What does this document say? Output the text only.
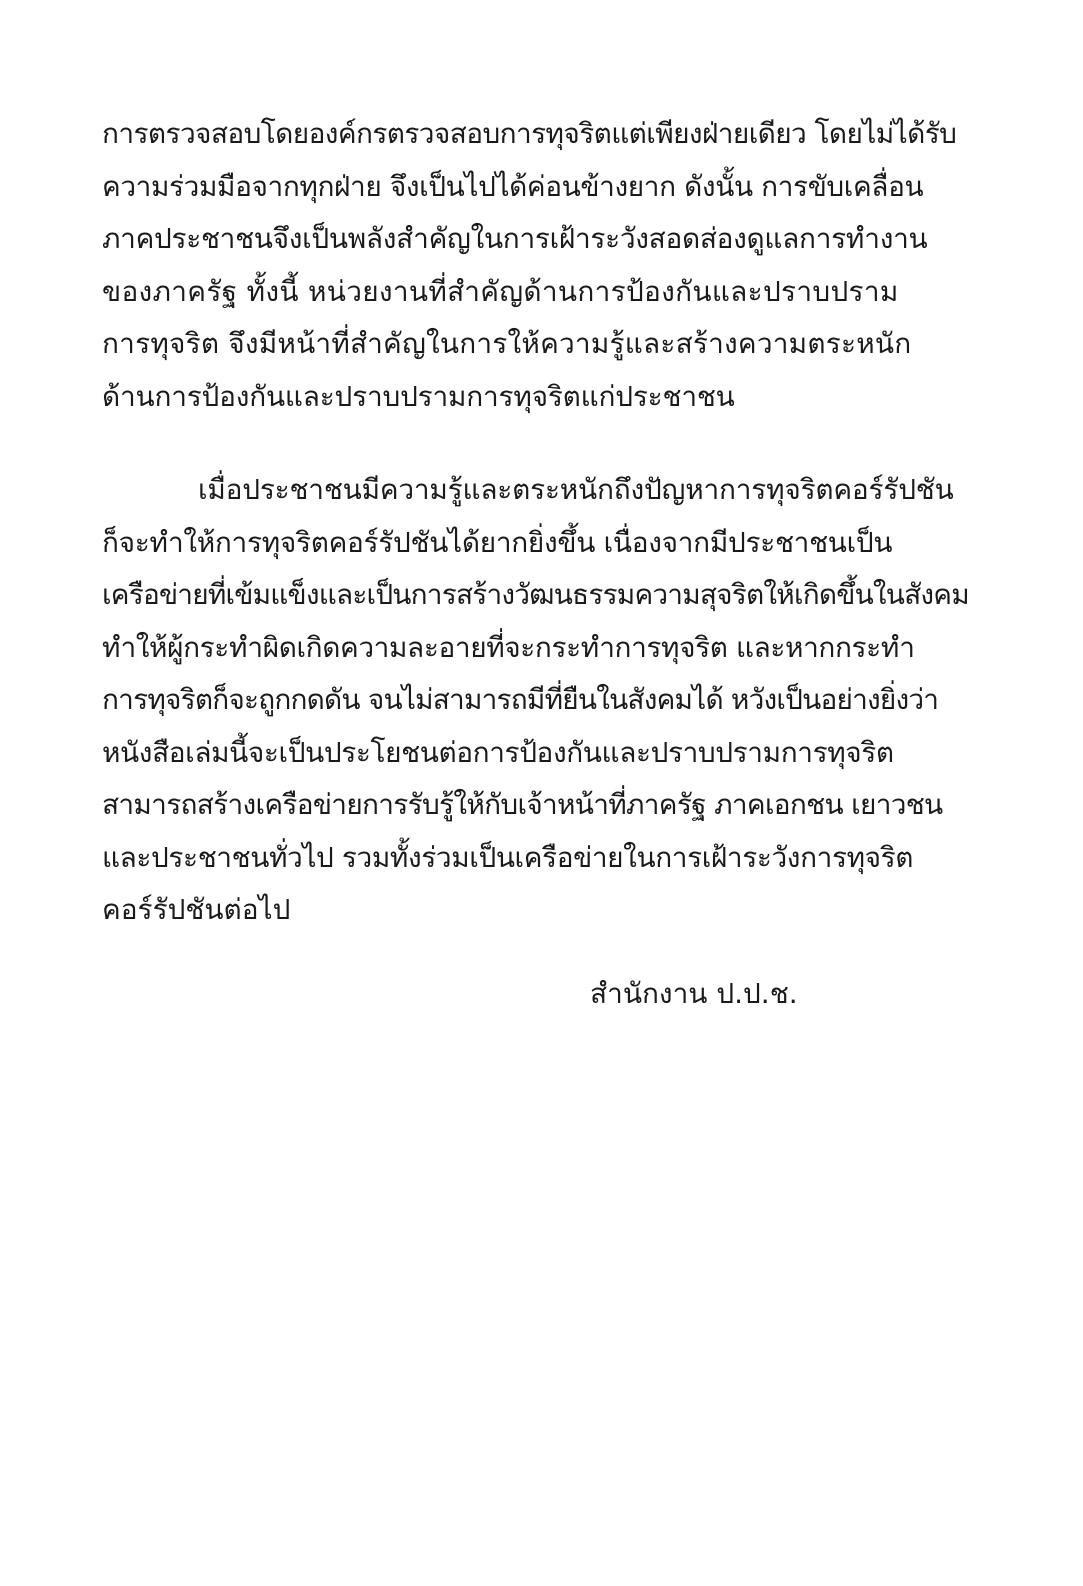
การตรวจสอบโดยองค์กรตรวจสอบการทุจริตแต่เพียงฝ่ายเดียว โดยไม่ได้รับ
ความร่วมมือจากทุกฝ่าย จึงเป็นไปได้ค่อนข้างยาก ดังนั้น การขับเคลื่อน
ภาคประชาชนจึงเป็นพลังสำคัญในการเฝ้าระวังสอดส่องดูแลการทำงาน
ของภาครัฐ ทั้งนี้ หน่วยงานที่สำคัญด้านการป้องกันและปราบปราม
การทุจริต จึงมีหน้าที่สำคัญในการให้ความรู้และสร้างความตระหนัก
ด้านการป้องกันและปราบปรามการทุจริตแก่ประชาชน
เมื่อประชาชนมีความรู้และตระหนักถึงปัญหาการทุจริตคอร์รัปชัน
ก็จะทำให้การทุจริตคอร์รัปชันได้ยากยิ่งขึ้น เนื่องจากมีประชาชนเป็น
เครือข่ายที่เข้มแข็งและเป็นการสร้างวัฒนธรรมความสุจริตให้เกิดขึ้นในสังคม
ทำให้ผู้กระทำผิดเกิดความละอายที่จะกระทำการทุจริต และหากกระทำ
การทุจริตก็จะถูกกดดัน จนไม่สามารถมีที่ยืนในสังคมได้ หวังเป็นอย่างยิ่งว่า
หนังสือเล่มนี้จะเป็นประโยชนต่อการป้องกันและปราบปรามการทุจริต
สามารถสร้างเครือข่ายการรับรู้ให้กับเจ้าหน้าที่ภาครัฐ ภาคเอกชน เยาวชน
และประชาชนทั่วไป รวมทั้งร่วมเป็นเครือข่ายในการเฝ้าระวังการทุจริต
คอร์รัปชันต่อไป
สำนักงาน ป.ป.ช.
